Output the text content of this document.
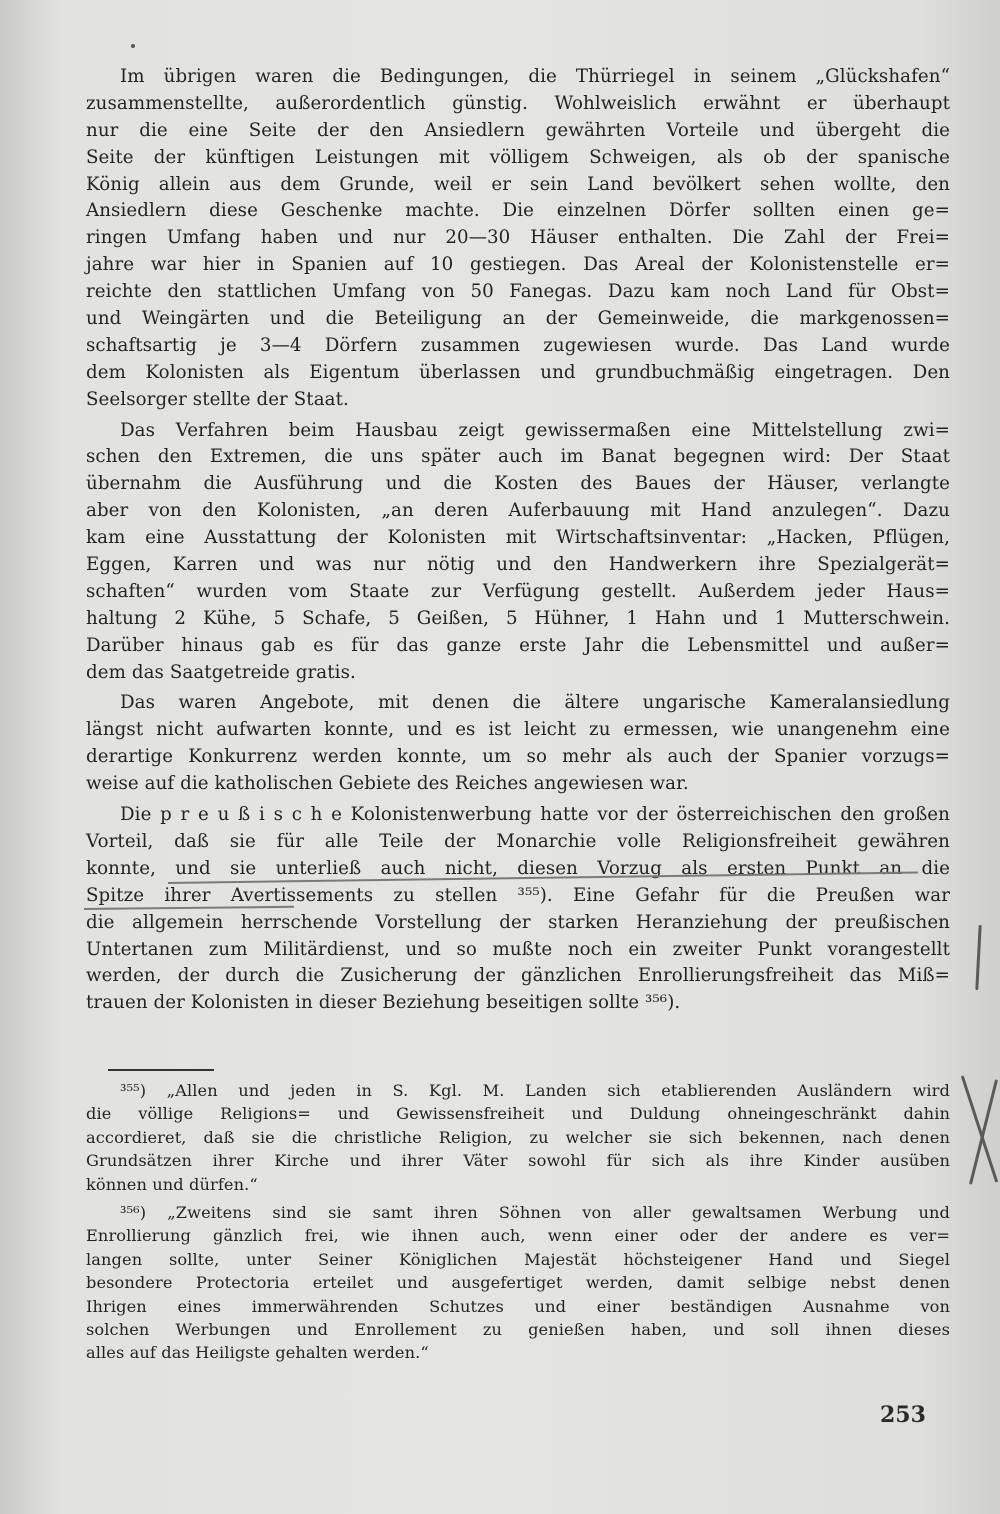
Im übrigen waren die Bedingungen, die Thürriegel in seinem „Glückshafen“
zusammenstellte, außerordentlich günstig. Wohlweislich erwähnt er überhaupt
nur die eine Seite der den Ansiedlern gewährten Vorteile und übergeht die
Seite der künftigen Leistungen mit völligem Schweigen, als ob der spanische
König allein aus dem Grunde, weil er sein Land bevölkert sehen wollte, den
Ansiedlern diese Geschenke machte. Die einzelnen Dörfer sollten einen ge=
ringen Umfang haben und nur 20—30 Häuser enthalten. Die Zahl der Frei=
jahre war hier in Spanien auf 10 gestiegen. Das Areal der Kolonistenstelle er=
reichte den stattlichen Umfang von 50 Fanegas. Dazu kam noch Land für Obst=
und Weingärten und die Beteiligung an der Gemeinweide, die markgenossen=
schaftsartig je 3—4 Dörfern zusammen zugewiesen wurde. Das Land wurde
dem Kolonisten als Eigentum überlassen und grundbuchmäßig eingetragen. Den
Seelsorger stellte der Staat.
Das Verfahren beim Hausbau zeigt gewissermaßen eine Mittelstellung zwi=
schen den Extremen, die uns später auch im Banat begegnen wird: Der Staat
übernahm die Ausführung und die Kosten des Baues der Häuser, verlangte
aber von den Kolonisten, „an deren Auferbauung mit Hand anzulegen“. Dazu
kam eine Ausstattung der Kolonisten mit Wirtschaftsinventar: „Hacken, Pflügen,
Eggen, Karren und was nur nötig und den Handwerkern ihre Spezialgerät=
schaften“ wurden vom Staate zur Verfügung gestellt. Außerdem jeder Haus=
haltung 2 Kühe, 5 Schafe, 5 Geißen, 5 Hühner, 1 Hahn und 1 Mutterschwein.
Darüber hinaus gab es für das ganze erste Jahr die Lebensmittel und außer=
dem das Saatgetreide gratis.
Das waren Angebote, mit denen die ältere ungarische Kameralansiedlung
längst nicht aufwarten konnte, und es ist leicht zu ermessen, wie unangenehm eine
derartige Konkurrenz werden konnte, um so mehr als auch der Spanier vorzugs=
weise auf die katholischen Gebiete des Reiches angewiesen war.
Die p r e u ß i s c h e Kolonistenwerbung hatte vor der österreichischen den großen
Vorteil, daß sie für alle Teile der Monarchie volle Religionsfreiheit gewähren
konnte, und sie unterließ auch nicht, diesen Vorzug als ersten Punkt an die
Spitze ihrer Avertissements zu stellen ³⁵⁵). Eine Gefahr für die Preußen war
die allgemein herrschende Vorstellung der starken Heranziehung der preußischen
Untertanen zum Militärdienst, und so mußte noch ein zweiter Punkt vorangestellt
werden, der durch die Zusicherung der gänzlichen Enrollierungsfreiheit das Miß=
trauen der Kolonisten in dieser Beziehung beseitigen sollte ³⁵⁶).
³⁵⁵) „Allen und jeden in S. Kgl. M. Landen sich etablierenden Ausländern wird
die völlige Religions= und Gewissensfreiheit und Duldung ohneingeschränkt dahin
accordieret, daß sie die christliche Religion, zu welcher sie sich bekennen, nach denen
Grundsätzen ihrer Kirche und ihrer Väter sowohl für sich als ihre Kinder ausüben
können und dürfen.“
³⁵⁶) „Zweitens sind sie samt ihren Söhnen von aller gewaltsamen Werbung und
Enrollierung gänzlich frei, wie ihnen auch, wenn einer oder der andere es ver=
langen sollte, unter Seiner Königlichen Majestät höchsteigener Hand und Siegel
besondere Protectoria erteilet und ausgefertiget werden, damit selbige nebst denen
Ihrigen eines immerwährenden Schutzes und einer beständigen Ausnahme von
solchen Werbungen und Enrollement zu genießen haben, und soll ihnen dieses
alles auf das Heiligste gehalten werden.“
253
